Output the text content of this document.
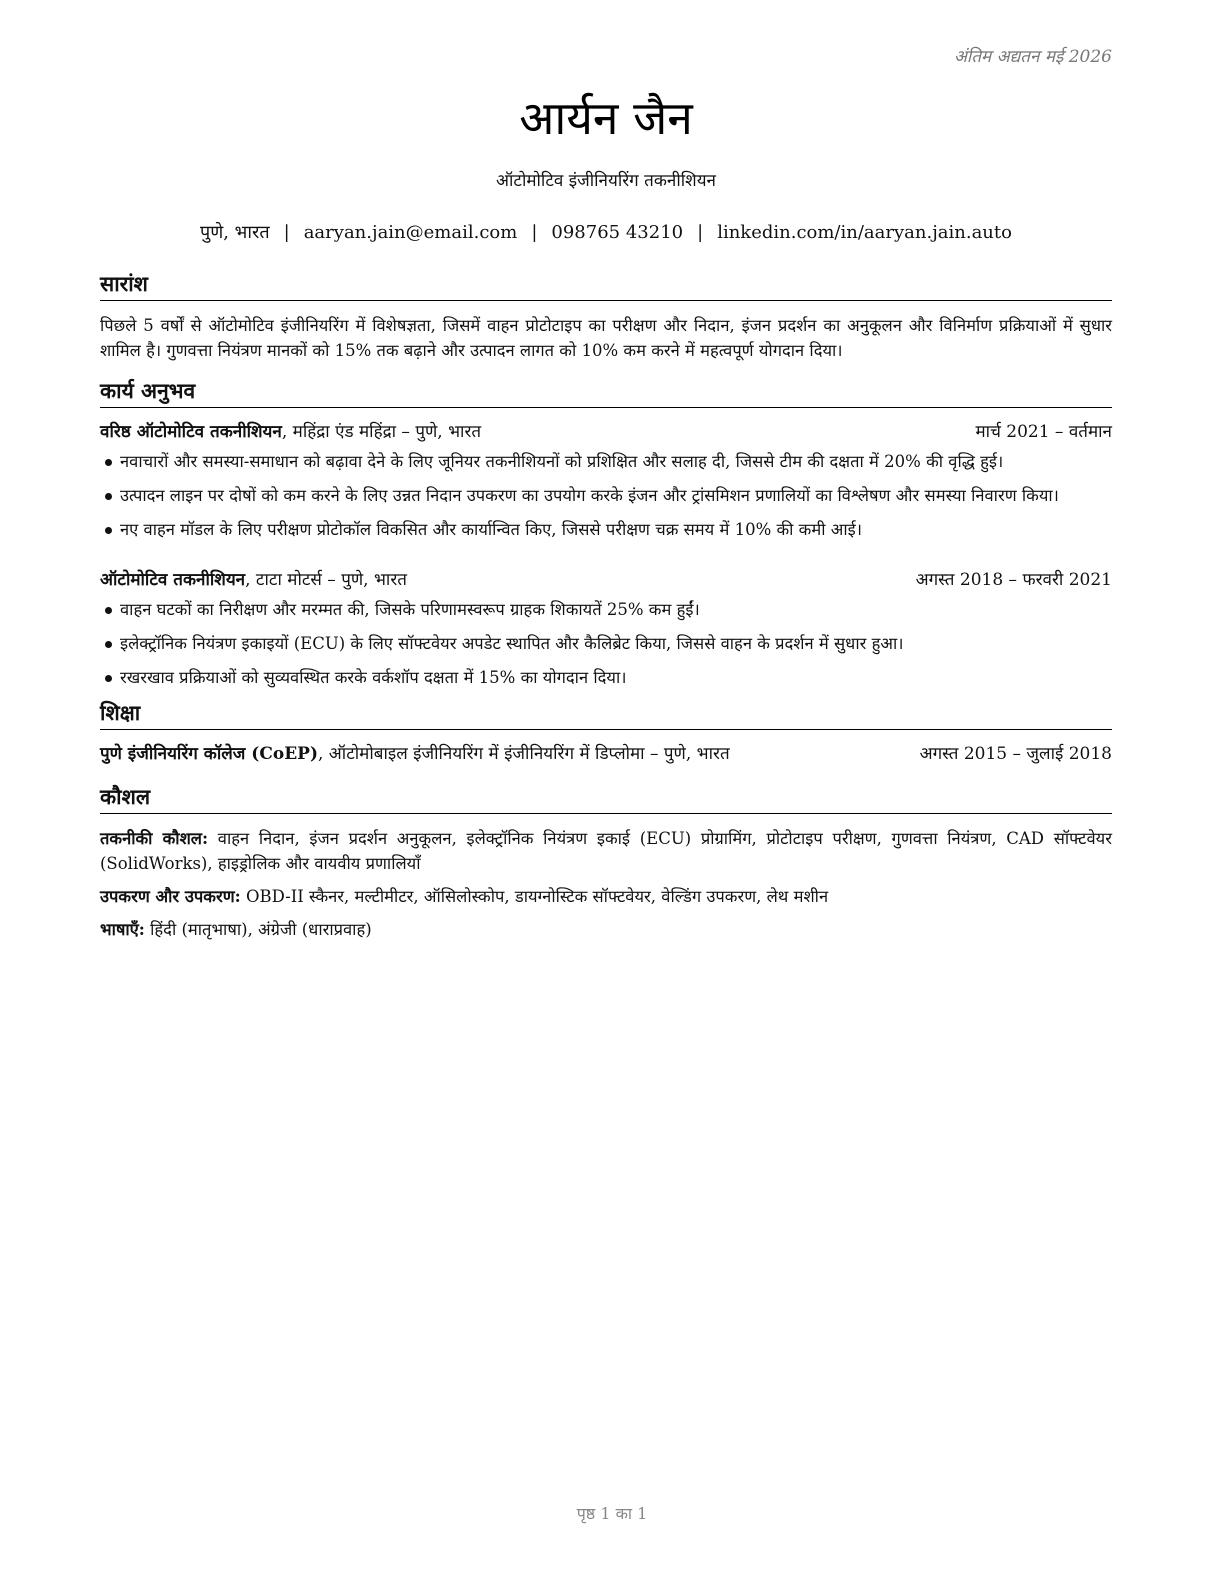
अंतिम अद्यतन मई 2026
आर्यन जैन
ऑटोमोटिव इंजीनियरिंग तकनीशियन
पुणे, भारत | aaryan.jain@email.com | 098765 43210 | linkedin.com/in/aaryan.jain.auto
सारांश

पिछले 5 वर्षों से ऑटोमोटिव इंजीनियरिंग में विशेषज्ञता, जिसमें वाहन प्रोटोटाइप का परीक्षण और निदान, इंजन प्रदर्शन का अनुकूलन और विनिर्माण प्रक्रियाओं में सुधार शामिल है। गुणवत्ता नियंत्रण मानकों को 15% तक बढ़ाने और उत्पादन लागत को 10% कम करने में महत्वपूर्ण योगदान दिया।

कार्य अनुभव
वरिष्ठ ऑटोमोटिव तकनीशियन, महिंद्रा एंड महिंद्रा – पुणे, भारत	मार्च 2021 – वर्तमान
नवाचारों और समस्या-समाधान को बढ़ावा देने के लिए जूनियर तकनीशियनों को प्रशिक्षित और सलाह दी, जिससे टीम की दक्षता में 20% की वृद्धि हुई।
उत्पादन लाइन पर दोषों को कम करने के लिए उन्नत निदान उपकरण का उपयोग करके इंजन और ट्रांसमिशन प्रणालियों का विश्लेषण और समस्या निवारण किया।
नए वाहन मॉडल के लिए परीक्षण प्रोटोकॉल विकसित और कार्यान्वित किए, जिससे परीक्षण चक्र समय में 10% की कमी आई।
ऑटोमोटिव तकनीशियन, टाटा मोटर्स – पुणे, भारत	अगस्त 2018 – फरवरी 2021
वाहन घटकों का निरीक्षण और मरम्मत की, जिसके परिणामस्वरूप ग्राहक शिकायतें 25% कम हुईं।
इलेक्ट्रॉनिक नियंत्रण इकाइयों (ECU) के लिए सॉफ्टवेयर अपडेट स्थापित और कैलिब्रेट किया, जिससे वाहन के प्रदर्शन में सुधार हुआ।
रखरखाव प्रक्रियाओं को सुव्यवस्थित करके वर्कशॉप दक्षता में 15% का योगदान दिया।
शिक्षा
पुणे इंजीनियरिंग कॉलेज (CoEP), ऑटोमोबाइल इंजीनियरिंग में इंजीनियरिंग में डिप्लोमा – पुणे, भारत	अगस्त 2015 – जुलाई 2018
कौशल

तकनीकी कौशल: वाहन निदान, इंजन प्रदर्शन अनुकूलन, इलेक्ट्रॉनिक नियंत्रण इकाई (ECU) प्रोग्रामिंग, प्रोटोटाइप परीक्षण, गुणवत्ता नियंत्रण, CAD सॉफ्टवेयर (SolidWorks), हाइड्रोलिक और वायवीय प्रणालियाँ

उपकरण और उपकरण: OBD-II स्कैनर, मल्टीमीटर, ऑसिलोस्कोप, डायग्नोस्टिक सॉफ्टवेयर, वेल्डिंग उपकरण, लेथ मशीन

भाषाएँ: हिंदी (मातृभाषा), अंग्रेजी (धाराप्रवाह)

पृष्ठ 1 का 1
